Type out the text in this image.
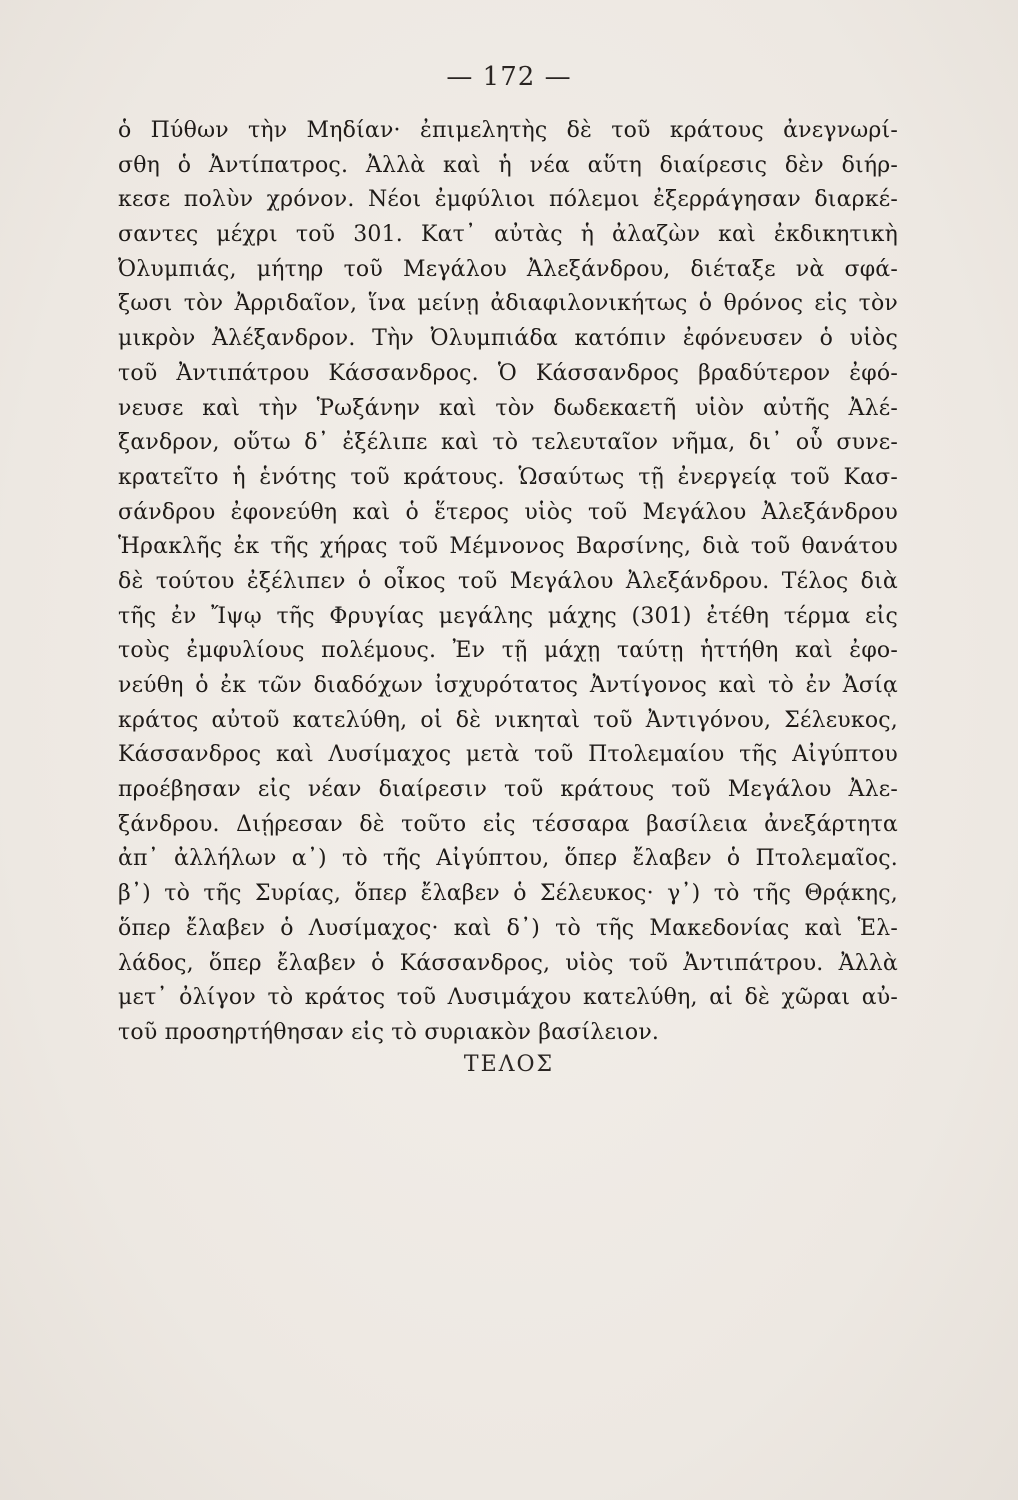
— 172 —
ὁ Πύθων τὴν Μηδίαν· ἐπιμελητὴς δὲ τοῦ κράτους ἀνεγνωρί-
σθη ὁ Ἀντίπατρος. Ἀλλὰ καὶ ἡ νέα αὕτη διαίρεσις δὲν διήρ-
κεσε πολὺν χρόνον. Νέοι ἐμφύλιοι πόλεμοι ἐξερράγησαν διαρκέ-
σαντες μέχρι τοῦ 301. Κατ᾽ αὐτὰς ἡ ἀλαζὼν καὶ ἐκδικητικὴ
Ὀλυμπιάς, μήτηρ τοῦ Μεγάλου Ἀλεξάνδρου, διέταξε νὰ σφά-
ξωσι τὸν Ἀρριδαῖον, ἵνα μείνῃ ἀδιαφιλονικήτως ὁ θρόνος εἰς τὸν
μικρὸν Ἀλέξανδρον. Τὴν Ὀλυμπιάδα κατόπιν ἐφόνευσεν ὁ υἱὸς
τοῦ Ἀντιπάτρου Κάσσανδρος. Ὁ Κάσσανδρος βραδύτερον ἐφό-
νευσε καὶ τὴν Ῥωξάνην καὶ τὸν δωδεκαετῆ υἱὸν αὐτῆς Ἀλέ-
ξανδρον, οὕτω δ᾽ ἐξέλιπε καὶ τὸ τελευταῖον νῆμα, δι᾽ οὗ συνε-
κρατεῖτο ἡ ἑνότης τοῦ κράτους. Ὡσαύτως τῇ ἐνεργείᾳ τοῦ Κασ-
σάνδρου ἐφονεύθη καὶ ὁ ἕτερος υἱὸς τοῦ Μεγάλου Ἀλεξάνδρου
Ἡρακλῆς ἐκ τῆς χήρας τοῦ Μέμνονος Βαρσίνης, διὰ τοῦ θανάτου
δὲ τούτου ἐξέλιπεν ὁ οἶκος τοῦ Μεγάλου Ἀλεξάνδρου. Τέλος διὰ
τῆς ἐν Ἴψῳ τῆς Φρυγίας μεγάλης μάχης (301) ἐτέθη τέρμα εἰς
τοὺς ἐμφυλίους πολέμους. Ἐν τῇ μάχῃ ταύτῃ ἡττήθη καὶ ἐφο-
νεύθη ὁ ἐκ τῶν διαδόχων ἰσχυρότατος Ἀντίγονος καὶ τὸ ἐν Ἀσίᾳ
κράτος αὐτοῦ κατελύθη, οἱ δὲ νικηταὶ τοῦ Ἀντιγόνου, Σέλευκος,
Κάσσανδρος καὶ Λυσίμαχος μετὰ τοῦ Πτολεμαίου τῆς Αἰγύπτου
προέβησαν εἰς νέαν διαίρεσιν τοῦ κράτους τοῦ Μεγάλου Ἀλε-
ξάνδρου. Διῄρεσαν δὲ τοῦτο εἰς τέσσαρα βασίλεια ἀνεξάρτητα
ἀπ᾽ ἀλλήλων α᾽) τὸ τῆς Αἰγύπτου, ὅπερ ἔλαβεν ὁ Πτολεμαῖος.
β᾽) τὸ τῆς Συρίας, ὅπερ ἔλαβεν ὁ Σέλευκος· γ᾽) τὸ τῆς Θρᾴκης,
ὅπερ ἔλαβεν ὁ Λυσίμαχος· καὶ δ᾽) τὸ τῆς Μακεδονίας καὶ Ἑλ-
λάδος, ὅπερ ἔλαβεν ὁ Κάσσανδρος, υἱὸς τοῦ Ἀντιπάτρου. Ἀλλὰ
μετ᾽ ὀλίγον τὸ κράτος τοῦ Λυσιμάχου κατελύθη, αἱ δὲ χῶραι αὐ-
τοῦ προσηρτήθησαν εἰς τὸ συριακὸν βασίλειον.
ΤΕΛΟΣ
